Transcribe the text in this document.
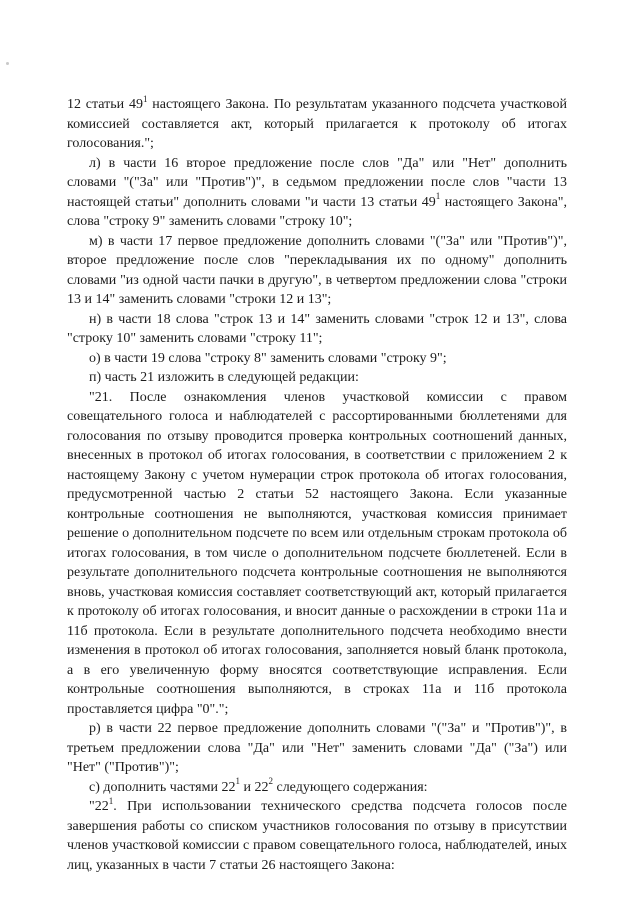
12 статьи $49^1$ настоящего Закона. По результатам указанного подсчета участковой комиссией составляется акт, который прилагается к протоколу об итогах голосования.";

л) в части 16 второе предложение после слов "Да" или "Нет" дополнить словами "("За" или "Против")", в седьмом предложении после слов "части 13 настоящей статьи" дополнить словами "и части 13 статьи $49^1$ настоящего Закона", слова "строку 9" заменить словами "строку 10";

м) в части 17 первое предложение дополнить словами "("За" или "Против")", второе предложение после слов "перекладывания их по одному" дополнить словами "из одной части пачки в другую", в четвертом предложении слова "строки 13 и 14" заменить словами "строки 12 и 13";

н) в части 18 слова "строк 13 и 14" заменить словами "строк 12 и 13", слова "строку 10" заменить словами "строку 11";

о) в части 19 слова "строку 8" заменить словами "строку 9";

п) часть 21 изложить в следующей редакции:

"21. После ознакомления членов участковой комиссии с правом совещательного голоса и наблюдателей с рассортированными бюллетенями для голосования по отзыву проводится проверка контрольных соотношений данных, внесенных в протокол об итогах голосования, в соответствии с приложением 2 к настоящему Закону с учетом нумерации строк протокола об итогах голосования, предусмотренной частью 2 статьи 52 настоящего Закона. Если указанные контрольные соотношения не выполняются, участковая комиссия принимает решение о дополнительном подсчете по всем или отдельным строкам протокола об итогах голосования, в том числе о дополнительном подсчете бюллетеней. Если в результате дополнительного подсчета контрольные соотношения не выполняются вновь, участковая комиссия составляет соответствующий акт, который прилагается к протоколу об итогах голосования, и вносит данные о расхождении в строки 11а и 11б протокола. Если в результате дополнительного подсчета необходимо внести изменения в протокол об итогах голосования, заполняется новый бланк протокола, а в его увеличенную форму вносятся соответствующие исправления. Если контрольные соотношения выполняются, в строках 11а и 11б протокола проставляется цифра "0".";

р) в части 22 первое предложение дополнить словами "("За" и "Против")", в третьем предложении слова "Да" или "Нет" заменить словами "Да" ("За") или "Нет" ("Против")";

с) дополнить частями $22^1$ и $22^2$ следующего содержания:

"$22^1$. При использовании технического средства подсчета голосов после завершения работы со списком участников голосования по отзыву в присутствии членов участковой комиссии с правом совещательного голоса, наблюдателей, иных лиц, указанных в части 7 статьи 26 настоящего Закона:
